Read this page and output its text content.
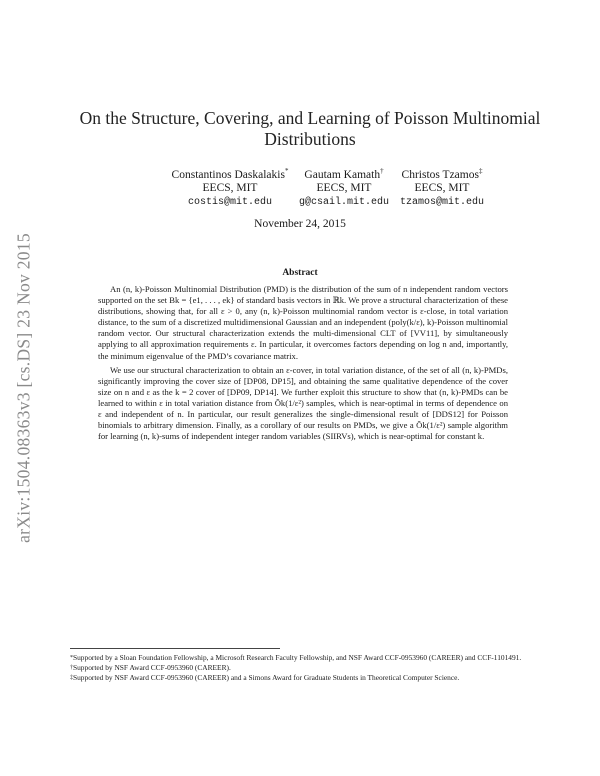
arXiv:1504.08363v3 [cs.DS] 23 Nov 2015
On the Structure, Covering, and Learning of Poisson Multinomial Distributions
Constantinos Daskalakis*
EECS, MIT
costis@mit.edu
Gautam Kamath†
EECS, MIT
g@csail.mit.edu
Christos Tzamos‡
EECS, MIT
tzamos@mit.edu
November 24, 2015
Abstract

An (n, k)-Poisson Multinomial Distribution (PMD) is the distribution of the sum of n independent random vectors supported on the set Bk = {e1, . . . , ek} of standard basis vectors in ℝk. We prove a structural characterization of these distributions, showing that, for all ε > 0, any (n, k)-Poisson multinomial random vector is ε-close, in total variation distance, to the sum of a discretized multidimensional Gaussian and an independent (poly(k/ε), k)-Poisson multinomial random vector. Our structural characterization extends the multi-dimensional CLT of [VV11], by simultaneously applying to all approximation requirements ε. In particular, it overcomes factors depending on log n and, importantly, the minimum eigenvalue of the PMD’s covariance matrix.

We use our structural characterization to obtain an ε-cover, in total variation distance, of the set of all (n, k)-PMDs, significantly improving the cover size of [DP08, DP15], and obtaining the same qualitative dependence of the cover size on n and ε as the k = 2 cover of [DP09, DP14]. We further exploit this structure to show that (n, k)-PMDs can be learned to within ε in total variation distance from Õk(1/ε²) samples, which is near-optimal in terms of dependence on ε and independent of n. In particular, our result generalizes the single-dimensional result of [DDS12] for Poisson binomials to arbitrary dimension. Finally, as a corollary of our results on PMDs, we give a Õk(1/ε²) sample algorithm for learning (n, k)-sums of independent integer random variables (SIIRVs), which is near-optimal for constant k.

*Supported by a Sloan Foundation Fellowship, a Microsoft Research Faculty Fellowship, and NSF Award CCF-0953960 (CAREER) and CCF-1101491.
†Supported by NSF Award CCF-0953960 (CAREER).
‡Supported by NSF Award CCF-0953960 (CAREER) and a Simons Award for Graduate Students in Theoretical Computer Science.
